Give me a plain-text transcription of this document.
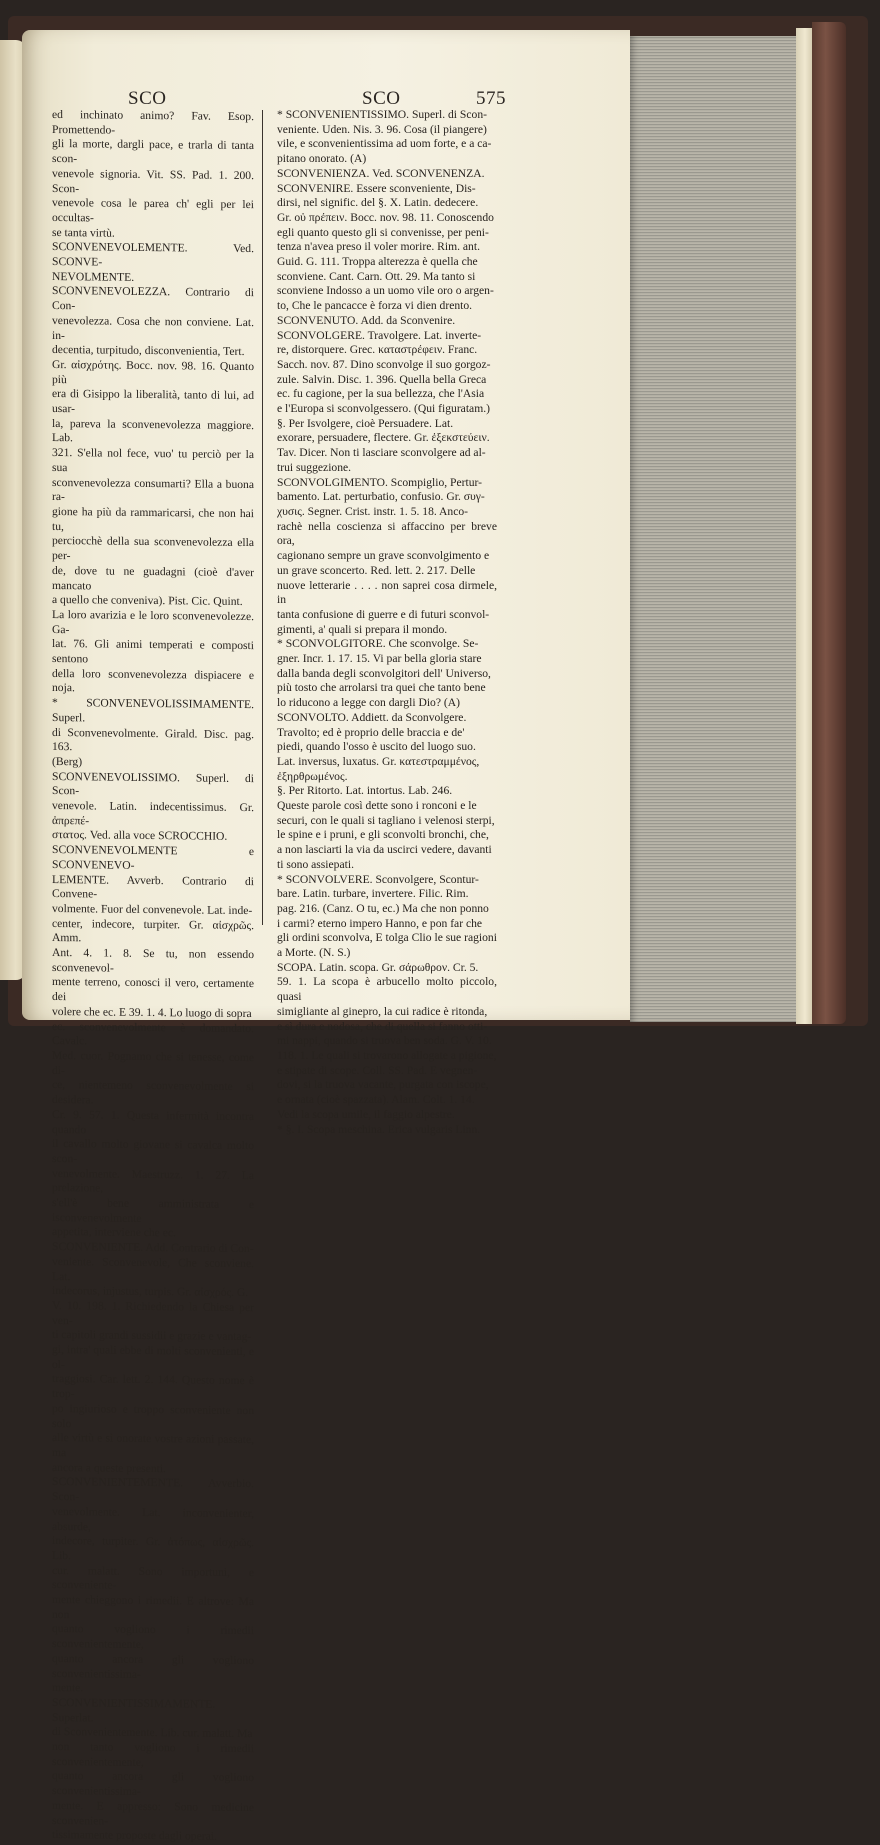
SCO	SCO	575

ed inchinato animo? Fav. Esop. Promettendo-

gli la morte, dargli pace, e trarla di tanta scon-

venevole signoria. Vit. SS. Pad. 1. 200. Scon-

venevole cosa le parea ch' egli per lei occultas-

se tanta virtù.

SCONVENEVOLEMENTE. Ved. SCONVE-

NEVOLMENTE.

SCONVENEVOLEZZA. Contrario di Con-

venevolezza. Cosa che non conviene. Lat. in-

decentia, turpitudo, disconvenientia, Tert.

Gr. αἰσχρότης. Bocc. nov. 98. 16. Quanto più

era di Gisippo la liberalità, tanto di lui, ad usar-

la, pareva la sconvenevolezza maggiore. Lab.

321. S'ella nol fece, vuo' tu perciò per la sua

sconvenevolezza consumarti? Ella a buona ra-

gione ha più da rammaricarsi, che non hai tu,

perciocchè della sua sconvenevolezza ella per-

de, dove tu ne guadagni (cioè d'aver mancato

a quello che conveniva). Pist. Cic. Quint.

La loro avarizia e le loro sconvenevolezze. Ga-

lat. 76. Gli animi temperati e composti sentono

della loro sconvenevolezza dispiacere e noja.

* SCONVENEVOLISSIMAMENTE. Superl.

di Sconvenevolmente. Girald. Disc. pag. 163.

(Berg)

SCONVENEVOLISSIMO. Superl. di Scon-

venevole. Latin. indecentissimus. Gr. ἀπρεπέ-

στατος. Ved. alla voce SCROCCHIO.

SCONVENEVOLMENTE e SCONVENEVO-

LEMENTE. Avverb. Contrario di Convene-

volmente. Fuor del convenevole. Lat. inde-

center, indecore, turpiter. Gr. αἰσχρῶς. Amm.

Ant. 4. 1. 8. Se tu, non essendo sconvenevol-

mente terreno, conosci il vero, certamente dei

volere che ec. E 39. 1. 4. Lo luogo di sopra

ec. sconvenevolmente è domandato. Cavalc.

Med. cuor. Pognamo che si tenesse, come di-

ce, nientemeno sconvenevolmente si desidera.

Cr. 9. 57. 1. Questa infermità incontra quando

il cavallo molto giovane si cavalca molto scon-

venevolmente. Maestruzz. 1. 27. La prelazione,

s'ell'è bene amministrata e isconvenevolmente

appetita, interviene che ec.

SCONVENIENTE. Add. Contrario di Con-

veniente. Sconvenevole, Che sconviene. Lat.

indecorus, injustus, turpis. Gr. αἰσχρός. G.

V. 10. 198. 1. Richiedendo la Chiesa per ven-

ti capitoli grandi sussidii e grazie e vantag-

gi, intra' quali ebbe di molti sconvenienti, e ol-

traggiosi. Car. lett. 2. 144. Questo nome è trop-

po ingiurioso e troppo sconveniente non solo

alle virtù e sì onorate vostre azioni passate, ma

ancora a queste presenti.

SCONVENIENTEMENTE. Avverbio. Scon-

venevolmente. Lat. inconvenienter, absurde,

indecore, turpiter. Gr. ἀτόπως, αἰσχρῶς. Lib.

cur. malatt. Sono importuni, e sconveniente-

mente chieggono i rimedii. E altrove: Ma non

quanto vogliono i rimedii sconvenientemente,

quanto ancora gli vogliono sconvenientissima-

mente.

SCONVENIENTISSIMAMENTE. Superlat.

di Sconvenientemente. Lib. cur. malatt. Ma

non tanto vogliono i rimedii sconvenientemente,

quanto ancora gli vogliono sconvenientissima-

mente. E appresso: Sono medicine sconvenien-

tissimamente proposte dagli operai.

* SCONVENIENTISSIMO. Superl. di Scon-

veniente. Uden. Nis. 3. 96. Cosa (il piangere)

vile, e sconvenientissima ad uom forte, e a ca-

pitano onorato. (A)

SCONVENIENZA. Ved. SCONVENENZA.

SCONVENIRE. Essere sconveniente, Dis-

dirsi, nel signific. del §. X. Latin. dedecere.

Gr. οὐ πρέπειν. Bocc. nov. 98. 11. Conoscendo

egli quanto questo gli si convenisse, per peni-

tenza n'avea preso il voler morire. Rim. ant.

Guid. G. 111. Troppa alterezza è quella che

sconviene. Cant. Carn. Ott. 29. Ma tanto si

sconviene Indosso a un uomo vile oro o argen-

to, Che le pancacce è forza vi dien drento.

SCONVENUTO. Add. da Sconvenire.

SCONVOLGERE. Travolgere. Lat. inverte-

re, distorquere. Grec. καταστρέφειν. Franc.

Sacch. nov. 87. Dino sconvolge il suo gorgoz-

zule. Salvin. Disc. 1. 396. Quella bella Greca

ec. fu cagione, per la sua bellezza, che l'Asia

e l'Europa si sconvolgessero. (Qui figuratam.)

§. Per Isvolgere, cioè Persuadere. Lat.

exorare, persuadere, flectere. Gr. ἐξεκστεύειν.

Tav. Dicer. Non ti lasciare sconvolgere ad al-

trui suggezione.

SCONVOLGIMENTO. Scompiglio, Pertur-

bamento. Lat. perturbatio, confusio. Gr. συγ-

χυσις. Segner. Crist. instr. 1. 5. 18. Anco-

rachè nella coscienza si affaccino per breve ora,

cagionano sempre un grave sconvolgimento e

un grave sconcerto. Red. lett. 2. 217. Delle

nuove letterarie . . . . non saprei cosa dirmele, in

tanta confusione di guerre e di futuri sconvol-

gimenti, a' quali si prepara il mondo.

* SCONVOLGITORE. Che sconvolge. Se-

gner. Incr. 1. 17. 15. Vi par bella gloria stare

dalla banda degli sconvolgitori dell' Universo,

più tosto che arrolarsi tra quei che tanto bene

lo riducono a legge con dargli Dio? (A)

SCONVOLTO. Addiett. da Sconvolgere.

Travolto; ed è proprio delle braccia e de'

piedi, quando l'osso è uscito del luogo suo.

Lat. inversus, luxatus. Gr. κατεστραμμένος,

ἐξηρθρωμένος.

§. Per Ritorto. Lat. intortus. Lab. 246.

Queste parole così dette sono i ronconi e le

securi, con le quali si tagliano i velenosi sterpi,

le spine e i pruni, e gli sconvolti bronchi, che,

a non lasciarti la via da uscirci vedere, davanti

ti sono assiepati.

* SCONVOLVERE. Sconvolgere, Scontur-

bare. Latin. turbare, invertere. Filic. Rim.

pag. 216. (Canz. O tu, ec.) Ma che non ponno

i carmi? eterno impero Hanno, e pon far che

gli ordini sconvolva, E tolga Clio le sue ragioni

a Morte. (N. S.)

SCOPA. Latin. scopa. Gr. σάρωθρον. Cr. 5.

59. 1. La scopa è arbucello molto piccolo, quasi

simigliante al ginepro, la cui radice è ritonda,

e sì dura e nodosa, che di quella si fanno otti-

mi nappi, quando si truova ben soda. G. V. 10.

118. 1. Le quali si trovarono allogate a pigione,

e stipate di scope. Coll. SS. Pad. E vegnen-

dovi, si la truova vacante, purgata con iscope,

e ornata (cioè spazzata). Alam. Colt. 1. 14.

Vedi la scopa umile, il faggio alpestre.

* §. I. Scopa meschina. Erica vulgaris Linn.
